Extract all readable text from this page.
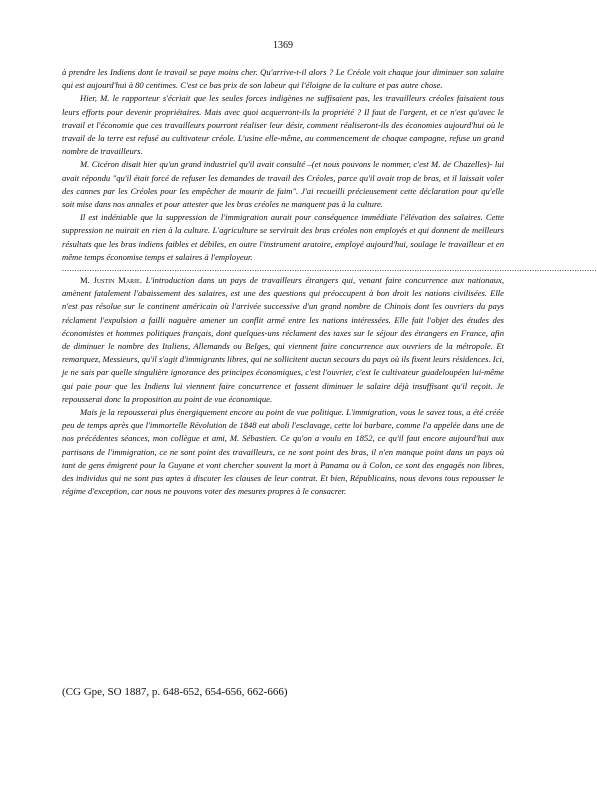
1369

à prendre les Indiens dont le travail se paye moins cher. Qu'arrive-t-il alors ? Le Créole voit chaque jour diminuer son salaire qui est aujourd'hui à 80 centimes. C'est ce bas prix de son labeur qui l'éloigne de la culture et pas autre chose.

Hier, M. le rapporteur s'écriait que les seules forces indigènes ne suffisaient pas, les travailleurs créoles faisaient tous leurs efforts pour devenir propriétaires. Mais avec quoi acquerront-ils la propriété ? Il faut de l'argent, et ce n'est qu'avec le travail et l'économie que ces travailleurs pourront réaliser leur désir, comment réaliseront-ils des économies aujourd'hui où le travail de la terre est refusé au cultivateur créole. L'usine elle-même, au commencement de chaque campagne, refuse un grand nombre de travailleurs.

M. Cicéron disait hier qu'un grand industriel qu'il avait consulté –(et nous pouvons le nommer, c'est M. de Chazelles)- lui avait répondu "qu'il était forcé de refuser les demandes de travail des Créoles, parce qu'il avait trop de bras, et il laissait voler des cannes par les Créoles pour les empêcher de mourir de faim". J'ai recueilli précieusement cette déclaration pour qu'elle soit mise dans nos annales et pour attester que les bras créoles ne manquent pas à la culture.

Il est indéniable que la suppression de l'immigration aurait pour conséquence immédiate l'élévation des salaires. Cette suppression ne nuirait en rien à la culture. L'agriculture se servirait des bras créoles non employés et qui donnent de meilleurs résultats que les bras indiens faibles et débiles, en outre l'instrument aratoire, employé aujourd'hui, soulage le travailleur et en même temps économise temps et salaires à l'employeur.

......................................................................................................................................................................................................................

M. Justin Marie. L'introduction dans un pays de travailleurs étrangers qui, venant faire concurrence aux nationaux, amènent fatalement l'abaissement des salaires, est une des questions qui préoccupent à bon droit les nations civilisées. Elle n'est pas résolue sur le continent américain où l'arrivée successive d'un grand nombre de Chinois dont les ouvriers du pays réclament l'expulsion a failli naguère amener un conflit armé entre les nations intéressées. Elle fait l'objet des études des économistes et hommes politiques français, dont quelques-uns réclament des taxes sur le séjour des étrangers en France, afin de diminuer le nombre des Italiens, Allemands ou Belges, qui viennent faire concurrence aux ouvriers de la métropole. Et remarquez, Messieurs, qu'il s'agit d'immigrants libres, qui ne sollicitent aucun secours du pays où ils fixent leurs résidences. Ici, je ne sais par quelle singulière ignorance des principes économiques, c'est l'ouvrier, c'est le cultivateur guadeloupéen lui-même qui paie pour que les Indiens lui viennent faire concurrence et fassent diminuer le salaire déjà insuffisant qu'il reçoit. Je repousserai donc la proposition au point de vue économique.

Mais je la repousserai plus énergiquement encore au point de vue politique. L'immigration, vous le savez tous, a été créée peu de temps après que l'immortelle Révolution de 1848 eut aboli l'esclavage, cette loi barbare, comme l'a appelée dans une de nos précédentes séances, mon collègue et ami, M. Sébastien. Ce qu'on a voulu en 1852, ce qu'il faut encore aujourd'hui aux partisans de l'immigration, ce ne sont point des travailleurs, ce ne sont point des bras, il n'en manque point dans un pays où tant de gens émigrent pour la Guyane et vont chercher souvent la mort à Panama ou à Colon, ce sont des engagés non libres, des individus qui ne sont pas aptes à discuter les clauses de leur contrat. Et bien, Républicains, nous devons tous repousser le régime d'exception, car nous ne pouvons voter des mesures propres à le consacrer.

(CG Gpe, SO 1887, p. 648-652, 654-656, 662-666)
